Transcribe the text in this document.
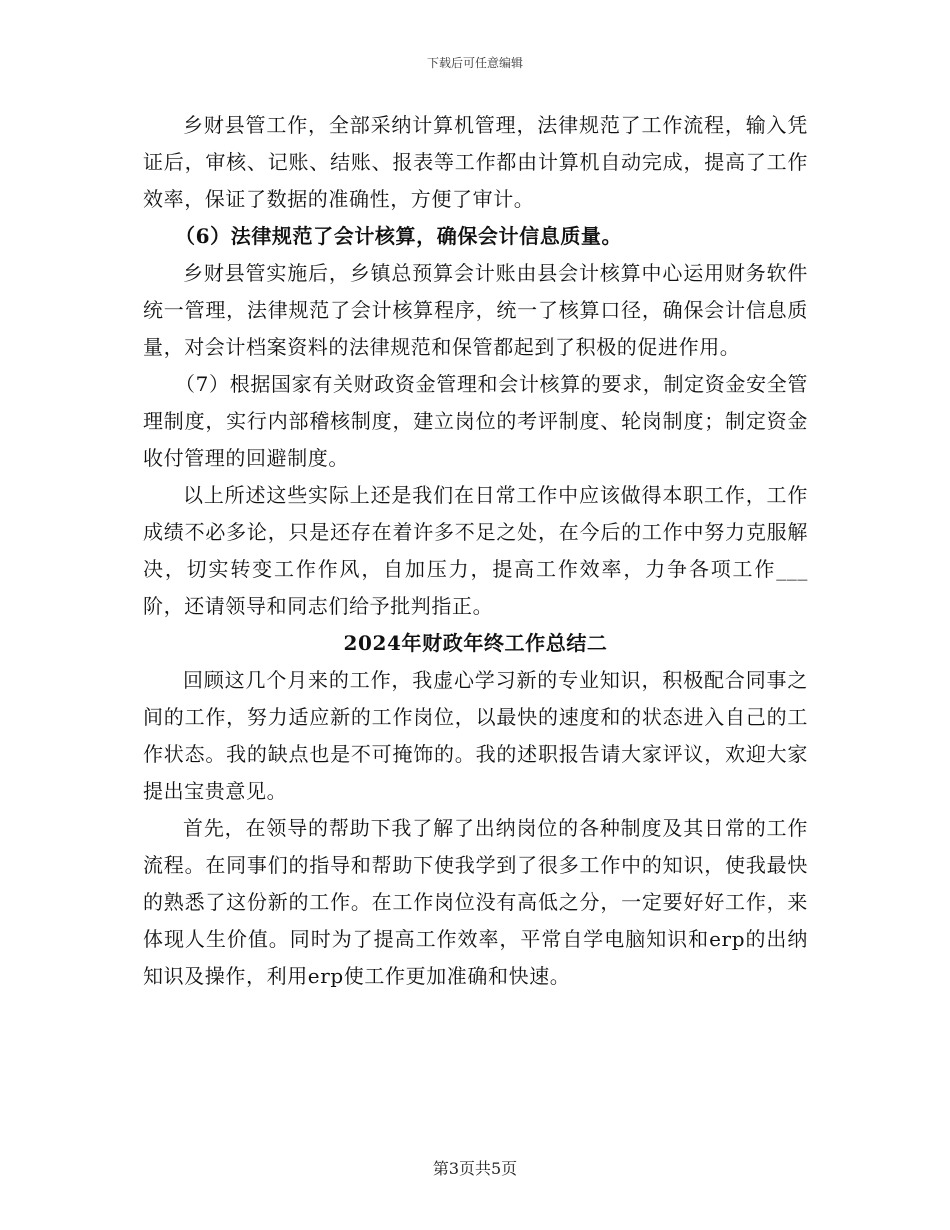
下载后可任意编辑

乡财县管工作，全部采纳计算机管理，法律规范了工作流程，输入凭证后，审核、记账、结账、报表等工作都由计算机自动完成，提高了工作效率，保证了数据的准确性，方便了审计。

（6）法律规范了会计核算，确保会计信息质量。

乡财县管实施后，乡镇总预算会计账由县会计核算中心运用财务软件统一管理，法律规范了会计核算程序，统一了核算口径，确保会计信息质量，对会计档案资料的法律规范和保管都起到了积极的促进作用。

（7）根据国家有关财政资金管理和会计核算的要求，制定资金安全管理制度，实行内部稽核制度，建立岗位的考评制度、轮岗制度；制定资金收付管理的回避制度。

以上所述这些实际上还是我们在日常工作中应该做得本职工作，工作成绩不必多论，只是还存在着许多不足之处，在今后的工作中努力克服解决，切实转变工作作风，自加压力，提高工作效率，力争各项工作___阶，还请领导和同志们给予批判指正。

2024年财政年终工作总结二

回顾这几个月来的工作，我虚心学习新的专业知识，积极配合同事之间的工作，努力适应新的工作岗位，以最快的速度和的状态进入自己的工作状态。我的缺点也是不可掩饰的。我的述职报告请大家评议，欢迎大家提出宝贵意见。

首先，在领导的帮助下我了解了出纳岗位的各种制度及其日常的工作流程。在同事们的指导和帮助下使我学到了很多工作中的知识，使我最快的熟悉了这份新的工作。在工作岗位没有高低之分，一定要好好工作，来体现人生价值。同时为了提高工作效率，平常自学电脑知识和erp的出纳知识及操作，利用erp使工作更加准确和快速。

第3页共5页
